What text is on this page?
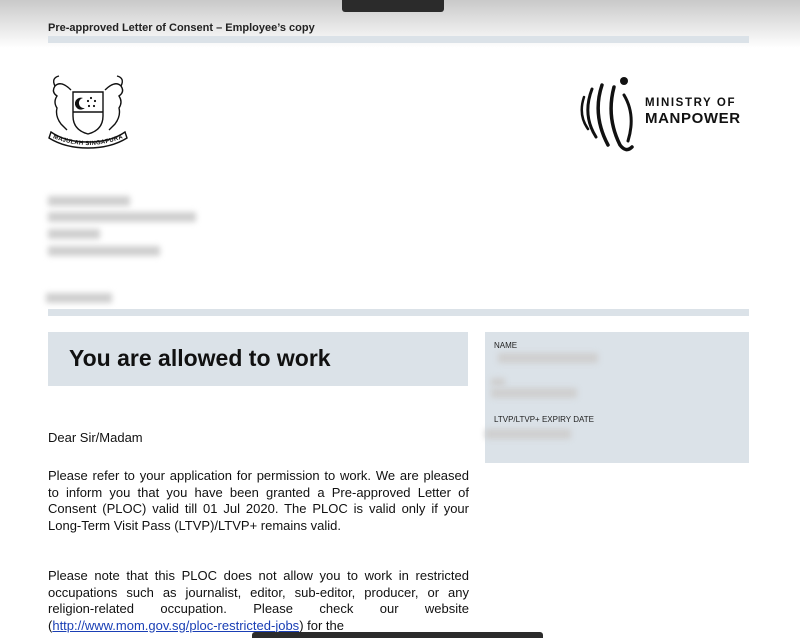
Pre-approved Letter of Consent – Employee’s copy
MAJULAH SINGAPURA
MINISTRY OF
MANPOWER
You are allowed to work	NAME
LTVP/LTVP+ EXPIRY DATE
Dear Sir/Madam
Please refer to your application for permission to work. We are pleased to inform you that you have been granted a Pre-approved Letter of Consent (PLOC) valid till 01 Jul 2020. The PLOC is valid only if your Long-Term Visit Pass (LTVP)/LTVP+ remains valid.
Please note that this PLOC does not allow you to work in restricted occupations such as journalist, editor, sub-editor, producer, or any religion-related occupation. Please check our website (http://www.mom.gov.sg/ploc-restricted-jobs) for the
